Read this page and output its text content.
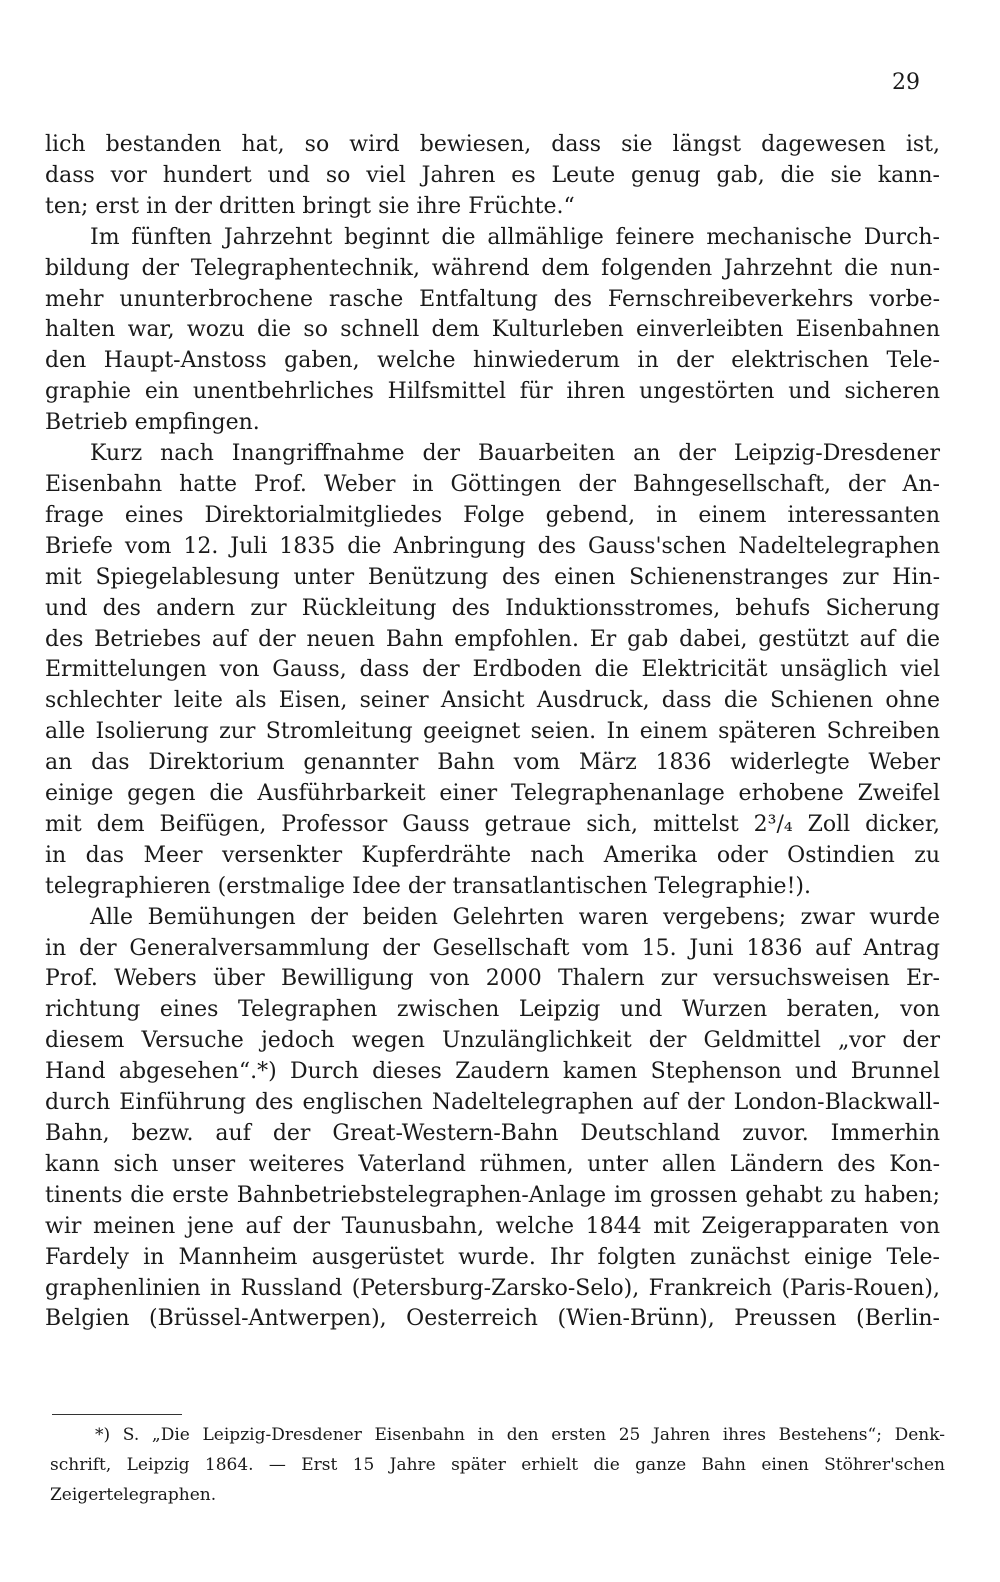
29
lich bestanden hat, so wird bewiesen, dass sie längst dagewesen ist,
dass vor hundert und so viel Jahren es Leute genug gab, die sie kann-
ten; erst in der dritten bringt sie ihre Früchte.“
Im fünften Jahrzehnt beginnt die allmählige feinere mechanische Durch-
bildung der Telegraphentechnik, während dem folgenden Jahrzehnt die nun-
mehr ununterbrochene rasche Entfaltung des Fernschreibeverkehrs vorbe-
halten war, wozu die so schnell dem Kulturleben einverleibten Eisenbahnen
den Haupt-Anstoss gaben, welche hinwiederum in der elektrischen Tele-
graphie ein unentbehrliches Hilfsmittel für ihren ungestörten und sicheren
Betrieb empfingen.
Kurz nach Inangriffnahme der Bauarbeiten an der Leipzig-Dresdener
Eisenbahn hatte Prof. Weber in Göttingen der Bahngesellschaft, der An-
frage eines Direktorialmitgliedes Folge gebend, in einem interessanten
Briefe vom 12. Juli 1835 die Anbringung des Gauss'schen Nadeltelegraphen
mit Spiegelablesung unter Benützung des einen Schienenstranges zur Hin-
und des andern zur Rückleitung des Induktionsstromes, behufs Sicherung
des Betriebes auf der neuen Bahn empfohlen. Er gab dabei, gestützt auf die
Ermittelungen von Gauss, dass der Erdboden die Elektricität unsäglich viel
schlechter leite als Eisen, seiner Ansicht Ausdruck, dass die Schienen ohne
alle Isolierung zur Stromleitung geeignet seien. In einem späteren Schreiben
an das Direktorium genannter Bahn vom März 1836 widerlegte Weber
einige gegen die Ausführbarkeit einer Telegraphenanlage erhobene Zweifel
mit dem Beifügen, Professor Gauss getraue sich, mittelst 2³/₄ Zoll dicker,
in das Meer versenkter Kupferdrähte nach Amerika oder Ostindien zu
telegraphieren (erstmalige Idee der transatlantischen Telegraphie!).
Alle Bemühungen der beiden Gelehrten waren vergebens; zwar wurde
in der Generalversammlung der Gesellschaft vom 15. Juni 1836 auf Antrag
Prof. Webers über Bewilligung von 2000 Thalern zur versuchsweisen Er-
richtung eines Telegraphen zwischen Leipzig und Wurzen beraten, von
diesem Versuche jedoch wegen Unzulänglichkeit der Geldmittel „vor der
Hand abgesehen“.*) Durch dieses Zaudern kamen Stephenson und Brunnel
durch Einführung des englischen Nadeltelegraphen auf der London-Blackwall-
Bahn, bezw. auf der Great-Western-Bahn Deutschland zuvor. Immerhin
kann sich unser weiteres Vaterland rühmen, unter allen Ländern des Kon-
tinents die erste Bahnbetriebstelegraphen-Anlage im grossen gehabt zu haben;
wir meinen jene auf der Taunusbahn, welche 1844 mit Zeigerapparaten von
Fardely in Mannheim ausgerüstet wurde. Ihr folgten zunächst einige Tele-
graphenlinien in Russland (Petersburg-Zarsko-Selo), Frankreich (Paris-Rouen),
Belgien (Brüssel-Antwerpen), Oesterreich (Wien-Brünn), Preussen (Berlin-
*) S. „Die Leipzig-Dresdener Eisenbahn in den ersten 25 Jahren ihres Bestehens“; Denk-
schrift, Leipzig 1864. — Erst 15 Jahre später erhielt die ganze Bahn einen Stöhrer'schen
Zeigertelegraphen.
